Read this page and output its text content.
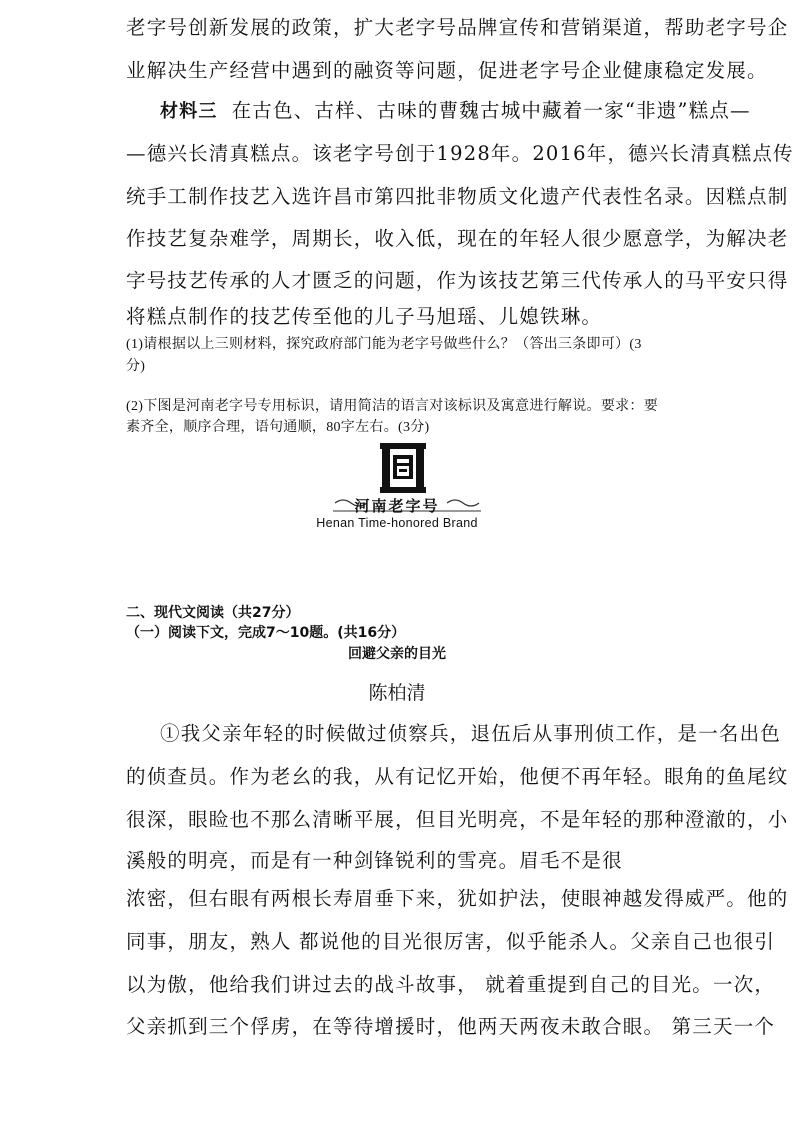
老字号创新发展的政策，扩大老字号品牌宣传和营销渠道，帮助老字号企
业解决生产经营中遇到的融资等问题，促进老字号企业健康稳定发展。
材料三 在古色、古样、古味的曹魏古城中藏着一家“非遗”糕点—
—德兴长清真糕点。该老字号创于1928年。2016年，德兴长清真糕点传
统手工制作技艺入选许昌市第四批非物质文化遗产代表性名录。因糕点制
作技艺复杂难学，周期长，收入低，现在的年轻人很少愿意学，为解决老
字号技艺传承的人才匮乏的问题，作为该技艺第三代传承人的马平安只得
将糕点制作的技艺传至他的儿子马旭瑶、儿媳铁琳。
(1)请根据以上三则材料，探究政府部门能为老字号做些什么？（答出三条即可）(3
分)
(2)下图是河南老字号专用标识，请用简洁的语言对该标识及寓意进行解说。要求：要
素齐全，顺序合理，语句通顺，80字左右。(3分)
河南老字号
Henan Time-honored Brand
二、现代文阅读（共27分）
（一）阅读下文，完成7～10题。(共16分）
回避父亲的目光
陈柏清
①我父亲年轻的时候做过侦察兵，退伍后从事刑侦工作，是一名出色
的侦查员。作为老幺的我，从有记忆开始，他便不再年轻。眼角的鱼尾纹
很深，眼睑也不那么清晰平展，但目光明亮，不是年轻的那种澄澈的，小
溪般的明亮，而是有一种剑锋锐利的雪亮。眉毛不是很
浓密，但右眼有两根长寿眉垂下来，犹如护法，使眼神越发得威严。他的
同事，朋友，熟人 都说他的目光很厉害，似乎能杀人。父亲自己也很引
以为傲，他给我们讲过去的战斗故事， 就着重提到自己的目光。一次，
父亲抓到三个俘虏，在等待增援时，他两天两夜未敢合眼。 第三天一个
